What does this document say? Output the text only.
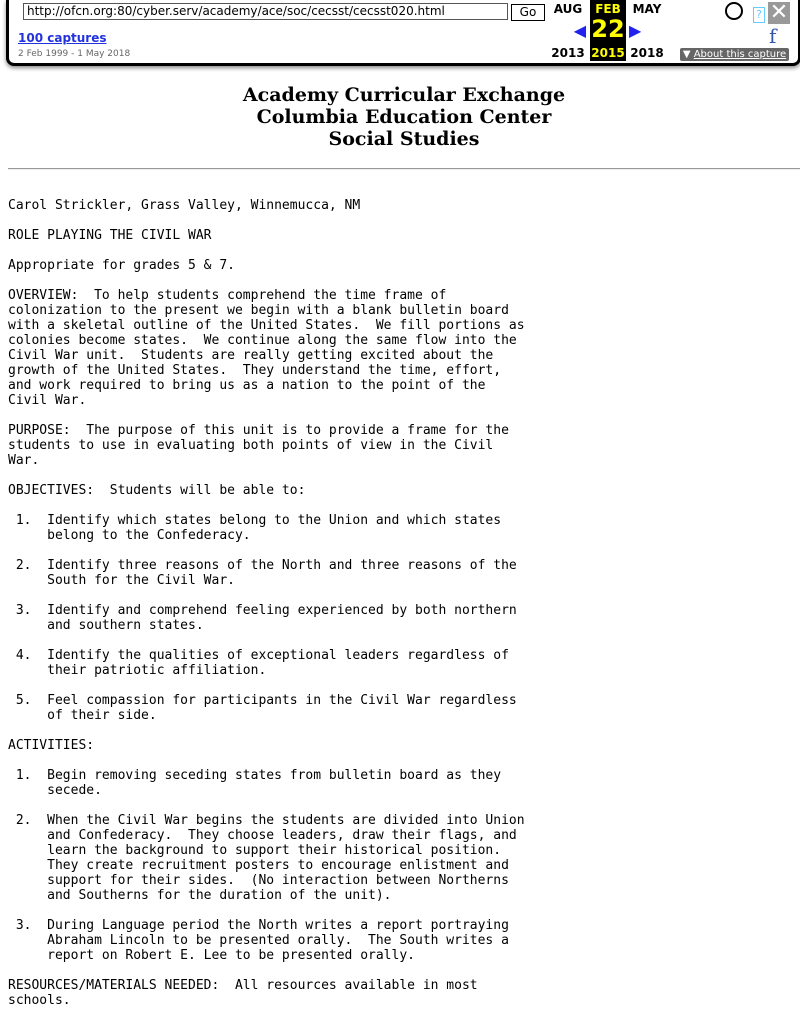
http://ofcn.org:80/cyber.serv/academy/ace/soc/cecsst/cecsst020.html	Go
100 captures
2 Feb 1999 - 1 May 2018
AUG
◀
2013
FEB
22
2015
MAY
▶
2018
? ✕
f
▼ About this capture
Academy Curricular Exchange
Columbia Education Center
Social Studies
Carol Strickler, Grass Valley, Winnemucca, NM
ROLE PLAYING THE CIVIL WAR
Appropriate for grades 5 & 7.
OVERVIEW:  To help students comprehend the time frame of
colonization to the present we begin with a blank bulletin board
with a skeletal outline of the United States.  We fill portions as
colonies become states.  We continue along the same flow into the
Civil War unit.  Students are really getting excited about the
growth of the United States.  They understand the time, effort,
and work required to bring us as a nation to the point of the
Civil War.
PURPOSE:  The purpose of this unit is to provide a frame for the
students to use in evaluating both points of view in the Civil
War.
OBJECTIVES:  Students will be able to:
1.  Identify which states belong to the Union and which states
belong to the Confederacy.
2.  Identify three reasons of the North and three reasons of the
South for the Civil War.
3.  Identify and comprehend feeling experienced by both northern
and southern states.
4.  Identify the qualities of exceptional leaders regardless of
their patriotic affiliation.
5.  Feel compassion for participants in the Civil War regardless
of their side.
ACTIVITIES:
1.  Begin removing seceding states from bulletin board as they
secede.
2.  When the Civil War begins the students are divided into Union
and Confederacy.  They choose leaders, draw their flags, and
learn the background to support their historical position.
They create recruitment posters to encourage enlistment and
support for their sides.  (No interaction between Northerns
and Southerns for the duration of the unit).
3.  During Language period the North writes a report portraying
Abraham Lincoln to be presented orally.  The South writes a
report on Robert E. Lee to be presented orally.
RESOURCES/MATERIALS NEEDED:  All resources available in most
schools.
